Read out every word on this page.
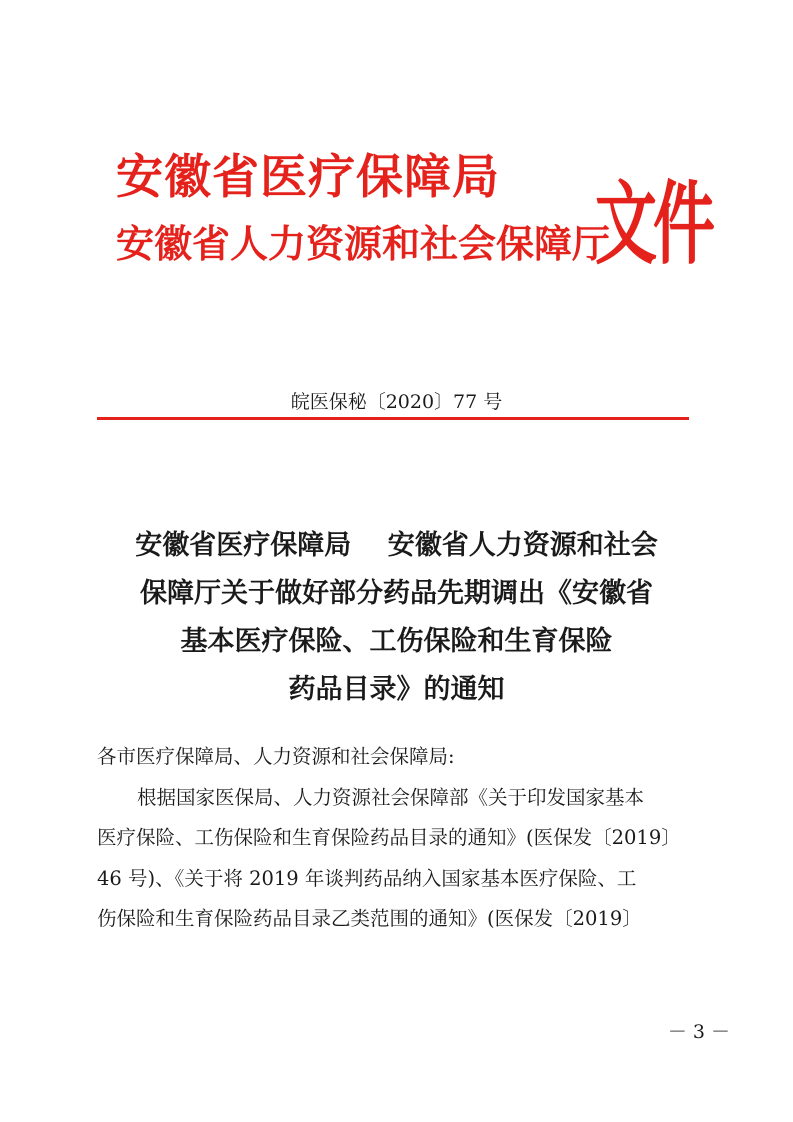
安徽省医疗保障局

安徽省人力资源和社会保障厅

文件

皖医保秘〔2020〕77 号

安徽省医疗保障局　 安徽省人力资源和社会

保障厅关于做好部分药品先期调出《安徽省

基本医疗保险、工伤保险和生育保险

药品目录》的通知

各市医疗保障局、人力资源和社会保障局:

根据国家医保局、人力资源社会保障部《关于印发国家基本

医疗保险、工伤保险和生育保险药品目录的通知》(医保发〔2019〕

46 号)、《关于将 2019 年谈判药品纳入国家基本医疗保险、工

伤保险和生育保险药品目录乙类范围的通知》(医保发〔2019〕

－ 3 －
